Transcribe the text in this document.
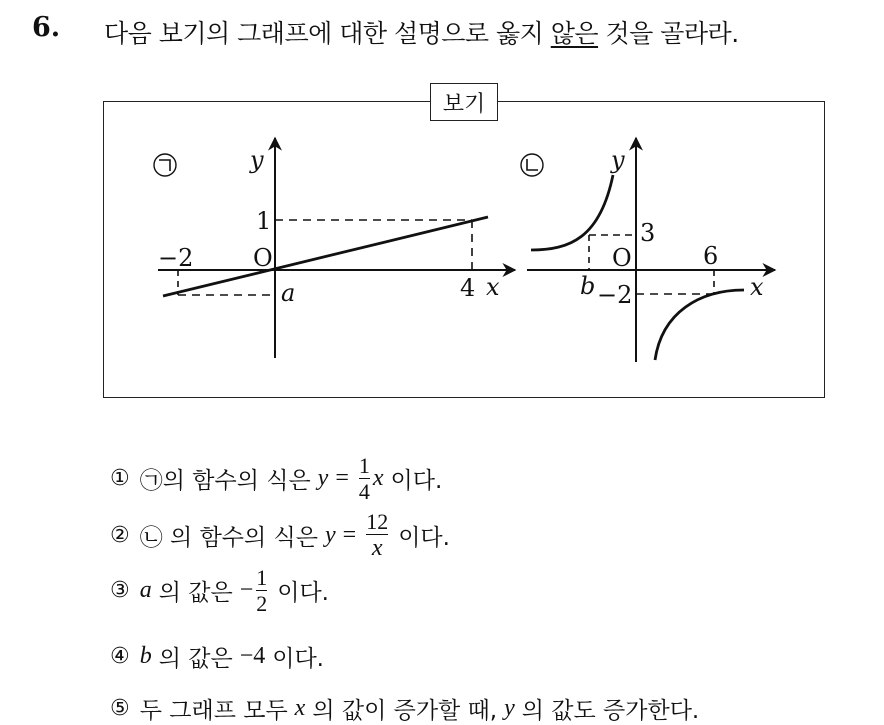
6. 다음 보기의 그래프에 대한 설명으로 옳지 않은 것을 골라라.
보기
y
x
O
−2
4
1
a
y
x
O
3
6
b −2
① ㉠의 함수의 식은 $y = \frac{1}{4}$ x 이다.
② ㉡ 의 함수의 식은 $y = \frac{12}{x}$ 이다.
③ a 의 값은 − $\frac{1}{2}$ 이다.
④ b 의 값은 −4 이다.
⑤ 두 그래프 모두 x 의 값이 증가할 때, y 의 값도 증가한다.
